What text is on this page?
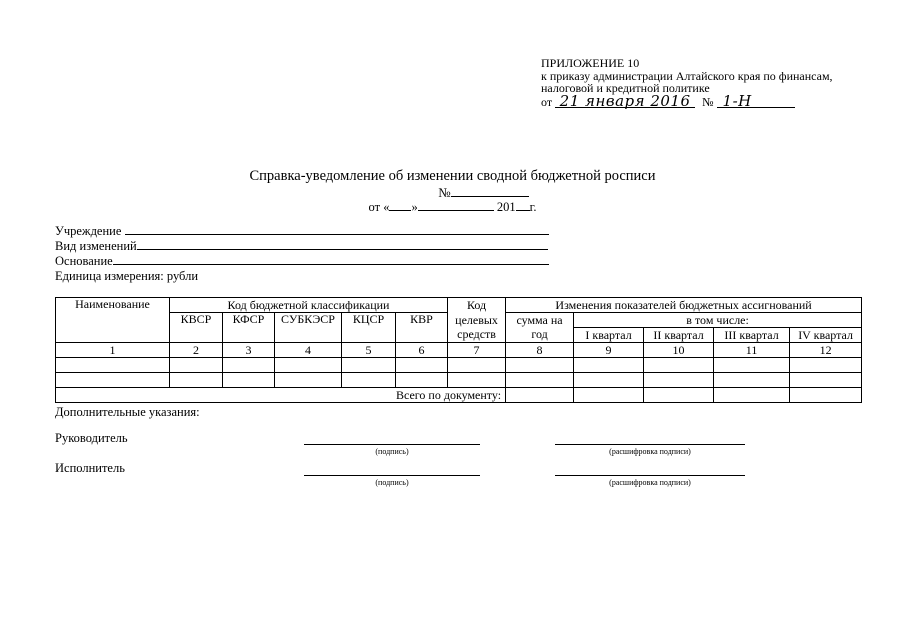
ПРИЛОЖЕНИЕ 10
к приказу администрации Алтайского края по финансам,
налоговой и кредитной политике
от 21 января 2016 № 1-Н
Справка-уведомление об изменении сводной бюджетной росписи
№
от « »	201 г.
Учреждение
Вид изменений
Основание
Единица измерения: рубли
Наименование	Код бюджетной классификации					Код	Изменения показателей бюджетных ассигнований				
	КВСР	КФСР	СУБКЭСР	КЦСР	КВР	целевых	сумма на	в том числе:			
						средств	год	I квартал	II квартал	III квартал	IV квартал
1	2	3	4	5	6	7	8	9	10	11	12

Всего по документу:											
Дополнительные указания:
Руководитель
(подпись)	(расшифровка подписи)
Исполнитель
(подпись)	(расшифровка подписи)
